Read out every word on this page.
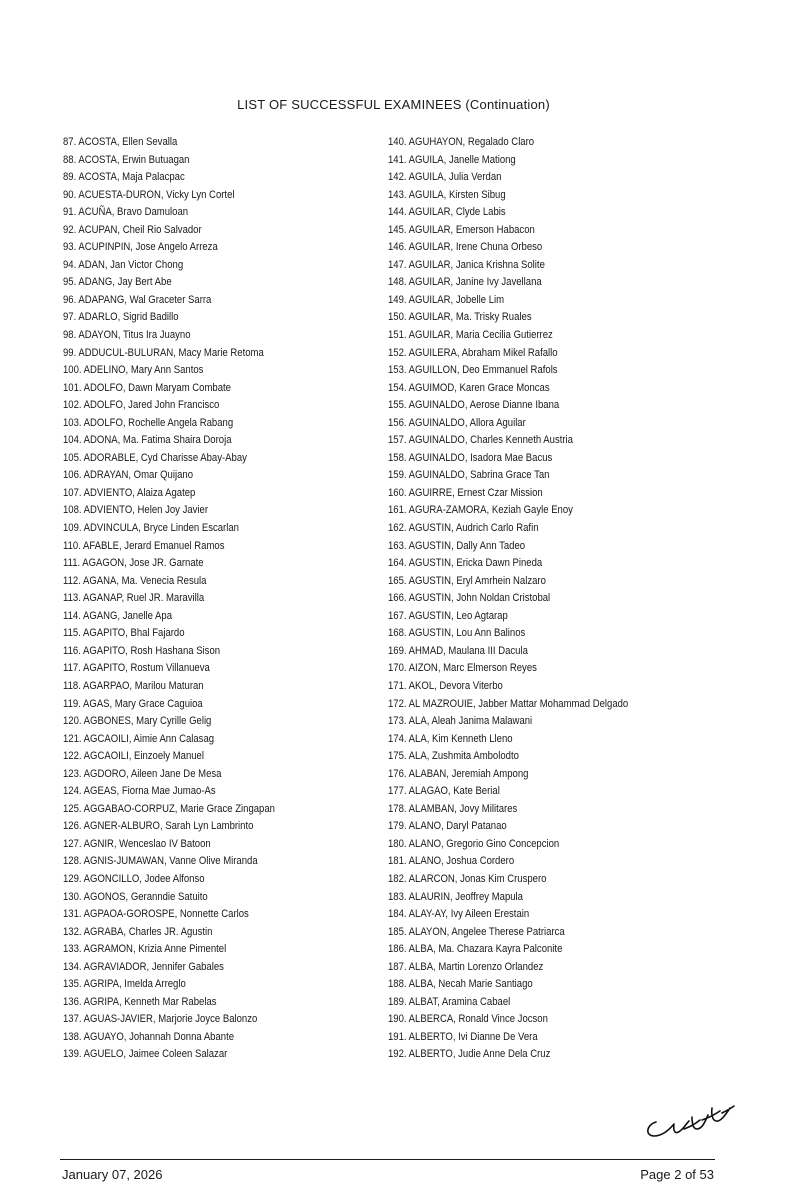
LIST OF SUCCESSFUL EXAMINEES (Continuation)
87. ACOSTA, Ellen Sevalla
88. ACOSTA, Erwin Butuagan
89. ACOSTA, Maja Palacpac
90. ACUESTA-DURON, Vicky Lyn Cortel
91. ACUÑA, Bravo Damuloan
92. ACUPAN, Cheil Rio Salvador
93. ACUPINPIN, Jose Angelo Arreza
94. ADAN, Jan Victor Chong
95. ADANG, Jay Bert Abe
96. ADAPANG, Wal Graceter Sarra
97. ADARLO, Sigrid Badillo
98. ADAYON, Titus Ira Juayno
99. ADDUCUL-BULURAN, Macy Marie Retoma
100. ADELINO, Mary Ann Santos
101. ADOLFO, Dawn Maryam Combate
102. ADOLFO, Jared John Francisco
103. ADOLFO, Rochelle Angela Rabang
104. ADONA, Ma. Fatima Shaira Doroja
105. ADORABLE, Cyd Charisse Abay-Abay
106. ADRAYAN, Omar Quijano
107. ADVIENTO, Alaiza Agatep
108. ADVIENTO, Helen Joy Javier
109. ADVINCULA, Bryce Linden Escarlan
110. AFABLE, Jerard Emanuel Ramos
111. AGAGON, Jose JR. Garnate
112. AGANA, Ma. Venecia Resula
113. AGANAP, Ruel JR. Maravilla
114. AGANG, Janelle Apa
115. AGAPITO, Bhal Fajardo
116. AGAPITO, Rosh Hashana Sison
117. AGAPITO, Rostum Villanueva
118. AGARPAO, Marilou Maturan
119. AGAS, Mary Grace Caguioa
120. AGBONES, Mary Cyrille Gelig
121. AGCAOILI, Aimie Ann Calasag
122. AGCAOILI, Einzoely Manuel
123. AGDORO, Aileen Jane De Mesa
124. AGEAS, Fiorna Mae Jumao-As
125. AGGABAO-CORPUZ, Marie Grace Zingapan
126. AGNER-ALBURO, Sarah Lyn Lambrinto
127. AGNIR, Wenceslao IV Batoon
128. AGNIS-JUMAWAN, Vanne Olive Miranda
129. AGONCILLO, Jodee Alfonso
130. AGONOS, Geranndie Satuito
131. AGPAOA-GOROSPE, Nonnette Carlos
132. AGRABA, Charles JR. Agustin
133. AGRAMON, Krizia Anne Pimentel
134. AGRAVIADOR, Jennifer Gabales
135. AGRIPA, Imelda Arreglo
136. AGRIPA, Kenneth Mar Rabelas
137. AGUAS-JAVIER, Marjorie Joyce Balonzo
138. AGUAYO, Johannah Donna Abante
139. AGUELO, Jaimee Coleen Salazar
140. AGUHAYON, Regalado Claro
141. AGUILA, Janelle Mationg
142. AGUILA, Julia Verdan
143. AGUILA, Kirsten Sibug
144. AGUILAR, Clyde Labis
145. AGUILAR, Emerson Habacon
146. AGUILAR, Irene Chuna Orbeso
147. AGUILAR, Janica Krishna Solite
148. AGUILAR, Janine Ivy Javellana
149. AGUILAR, Jobelle Lim
150. AGUILAR, Ma. Trisky Ruales
151. AGUILAR, Maria Cecilia Gutierrez
152. AGUILERA, Abraham Mikel Rafallo
153. AGUILLON, Deo Emmanuel Rafols
154. AGUIMOD, Karen Grace Moncas
155. AGUINALDO, Aerose Dianne Ibana
156. AGUINALDO, Allora Aguilar
157. AGUINALDO, Charles Kenneth Austria
158. AGUINALDO, Isadora Mae Bacus
159. AGUINALDO, Sabrina Grace Tan
160. AGUIRRE, Ernest Czar Mission
161. AGURA-ZAMORA, Keziah Gayle Enoy
162. AGUSTIN, Audrich Carlo Rafin
163. AGUSTIN, Dally Ann Tadeo
164. AGUSTIN, Ericka Dawn Pineda
165. AGUSTIN, Eryl Amrhein Nalzaro
166. AGUSTIN, John Noldan Cristobal
167. AGUSTIN, Leo Agtarap
168. AGUSTIN, Lou Ann Balinos
169. AHMAD, Maulana III Dacula
170. AIZON, Marc Elmerson Reyes
171. AKOL, Devora Viterbo
172. AL MAZROUIE, Jabber Mattar Mohammad Delgado
173. ALA, Aleah Janima Malawani
174. ALA, Kim Kenneth Lleno
175. ALA, Zushmita Ambolodto
176. ALABAN, Jeremiah Ampong
177. ALAGAO, Kate Berial
178. ALAMBAN, Jovy Militares
179. ALANO, Daryl Patanao
180. ALANO, Gregorio Gino Concepcion
181. ALANO, Joshua Cordero
182. ALARCON, Jonas Kim Cruspero
183. ALAURIN, Jeoffrey Mapula
184. ALAY-AY, Ivy Aileen Erestain
185. ALAYON, Angelee Therese Patriarca
186. ALBA, Ma. Chazara Kayra Palconite
187. ALBA, Martin Lorenzo Orlandez
188. ALBA, Necah Marie Santiago
189. ALBAT, Aramina Cabael
190. ALBERCA, Ronald Vince Jocson
191. ALBERTO, Ivi Dianne De Vera
192. ALBERTO, Judie Anne Dela Cruz
January 07, 2026	Page 2 of 53
